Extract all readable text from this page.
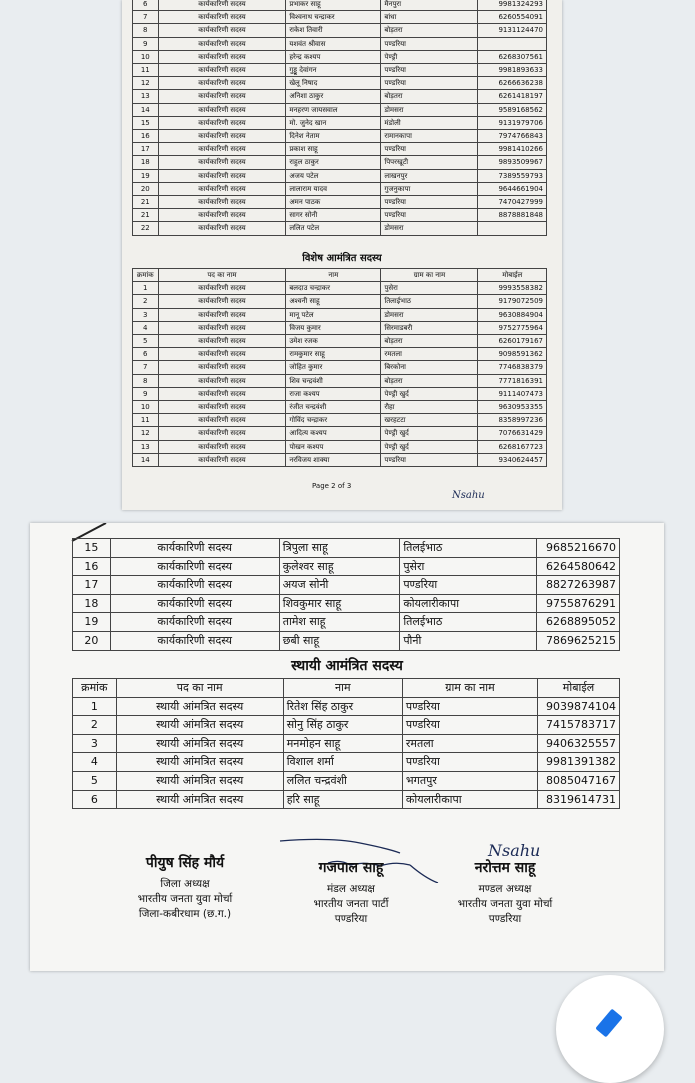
6	कार्यकारिणी सदस्य	प्रभाकर साहू	मैनपुरा	9981324293
7	कार्यकारिणी सदस्य	विश्वनाथ चन्द्राकर	बांधा	6260554091
8	कार्यकारिणी सदस्य	राकेश तिवारी	बोड़तरा	9131124470
9	कार्यकारिणी सदस्य	यशवंत श्रीवास	पण्डरिया	
10	कार्यकारिणी सदस्य	हरेन्द्र कश्यप	पेण्ड्री	6268307561
11	कार्यकारिणी सदस्य	गुड्डू देवांगन	पण्डरिया	9981893633
12	कार्यकारिणी सदस्य	खेलू निषाद	पण्डरिया	6266636238
13	कार्यकारिणी सदस्य	अनिशा ठाकुर	बोड़तरा	6261418197
14	कार्यकारिणी सदस्य	मनहरण जायसवाल	डोमसरा	9589168562
15	कार्यकारिणी सदस्य	मो. जुनेद खान	मंडोली	9131979706
16	कार्यकारिणी सदस्य	दिनेश नेताम	रामानकापा	7974766843
17	कार्यकारिणी सदस्य	प्रकाश साहू	पण्डरिया	9981410266
18	कार्यकारिणी सदस्य	राहुल ठाकुर	पिपरखूटी	9893509967
19	कार्यकारिणी सदस्य	अजय पटेल	लाखनपुर	7389559793
20	कार्यकारिणी सदस्य	लालाराम यादव	गुजनुकापा	9644661904
21	कार्यकारिणी सदस्य	अमन पाठक	पण्डरिया	7470427999
21	कार्यकारिणी सदस्य	सागर सोनी	पण्डरिया	8878881848
22	कार्यकारिणी सदस्य	ललित पटेल	डोमसरा	
विशेष आमंत्रित सदस्य
क्रमांक	पद का नाम	नाम	ग्राम का नाम	मोबाईल
1	कार्यकारिणी सदस्य	बलदाउ चन्द्राकर	पुसेरा	9993558382
2	कार्यकारिणी सदस्य	अश्वनी साहू	तिलाईभाठ	9179072509
3	कार्यकारिणी सदस्य	मानू पटेल	डोमसरा	9630884904
4	कार्यकारिणी सदस्य	विजय कुमार	सिरमाडबरी	9752775964
5	कार्यकारिणी सदस्य	उमेश रजक	बोड़तरा	6260179167
6	कार्यकारिणी सदस्य	रामकुमार साहू	रमतला	9098591362
7	कार्यकारिणी सदस्य	जोहित कुमार	बिरकोना	7746838379
8	कार्यकारिणी सदस्य	शिव चन्द्रवंशी	बोड़तरा	7771816391
9	कार्यकारिणी सदस्य	राजा कश्यप	पेण्ड्री खुर्द	9111407473
10	कार्यकारिणी सदस्य	रंजीत चन्द्रवंशी	रौहा	9630953355
11	कार्यकारिणी सदस्य	गोविंद चन्द्राकर	खरहटटा	8358997236
12	कार्यकारिणी सदस्य	आदित्य कश्यप	पेण्ड्री खुर्द	7076631429
13	कार्यकारिणी सदस्य	पोखन कश्यप	पेण्ड्री खुर्द	6268167723
14	कार्यकारिणी सदस्य	नरविजय शाक्या	पण्डरिया	9340624457
Page 2 of 3
Nsahu
15	कार्यकारिणी सदस्य	त्रिपुला साहू	तिलईभाठ	9685216670
16	कार्यकारिणी सदस्य	कुलेश्वर साहू	पुसेरा	6264580642
17	कार्यकारिणी सदस्य	अयज सोनी	पण्डरिया	8827263987
18	कार्यकारिणी सदस्य	शिवकुमार साहू	कोयलारीकापा	9755876291
19	कार्यकारिणी सदस्य	तामेश साहू	तिलईभाठ	6268895052
20	कार्यकारिणी सदस्य	छबी साहू	पौनी	7869625215
स्थायी आमंत्रित सदस्य
क्रमांक	पद का नाम	नाम	ग्राम का नाम	मोबाईल
1	स्थायी आंमत्रित सदस्य	रितेश सिंह ठाकुर	पण्डरिया	9039874104
2	स्थायी आंमत्रित सदस्य	सोनु सिंह ठाकुर	पण्डरिया	7415783717
3	स्थायी आंमत्रित सदस्य	मनमोहन साहू	रमतला	9406325557
4	स्थायी आंमत्रित सदस्य	विशाल शर्मा	पण्डरिया	9981391382
5	स्थायी आंमत्रित सदस्य	ललित चन्द्रवंशी	भगतपुर	8085047167
6	स्थायी आंमत्रित सदस्य	हरि साहू	कोयलारीकापा	8319614731
Nsahu
पीयुष सिंह मौर्य
जिला अध्यक्ष
भारतीय जनता युवा मोर्चा
जिला-कबीरधाम (छ.ग.)
गजपाल साहू
मंडल अध्यक्ष
भारतीय जनता पार्टी
पण्डरिया
नरोत्तम साहू
मण्डल अध्यक्ष
भारतीय जनता युवा मोर्चा
पण्डरिया
